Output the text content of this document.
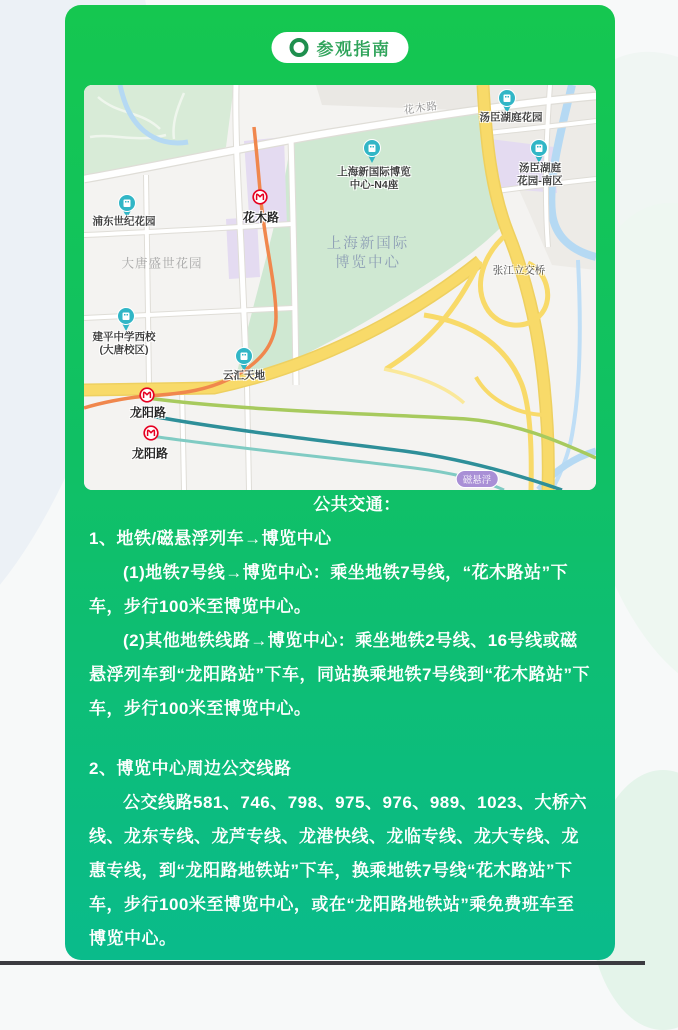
参观指南
汤臣湖庭花园
汤臣湖庭
花园-南区
上海新国际博览
中心-N4座
上海新国际
博览中心
浦东世纪花园
大唐盛世花园
建平中学西校
(大唐校区)
云汇天地
张江立交桥
花木路
花木路
龙阳路
龙阳路
磁悬浮

公共交通：

1、地铁/磁悬浮列车→博览中心

(1)地铁7号线→博览中心：乘坐地铁7号线，“花木路站”下车，步行100米至博览中心。

(2)其他地铁线路→博览中心：乘坐地铁2号线、16号线或磁悬浮列车到“龙阳路站”下车，同站换乘地铁7号线到“花木路站”下车，步行100米至博览中心。

2、博览中心周边公交线路

公交线路581、746、798、975、976、989、1023、大桥六线、龙东专线、龙芦专线、龙港快线、龙临专线、龙大专线、龙惠专线，到“龙阳路地铁站”下车，换乘地铁7号线“花木路站”下车，步行100米至博览中心，或在“龙阳路地铁站”乘免费班车至博览中心。
